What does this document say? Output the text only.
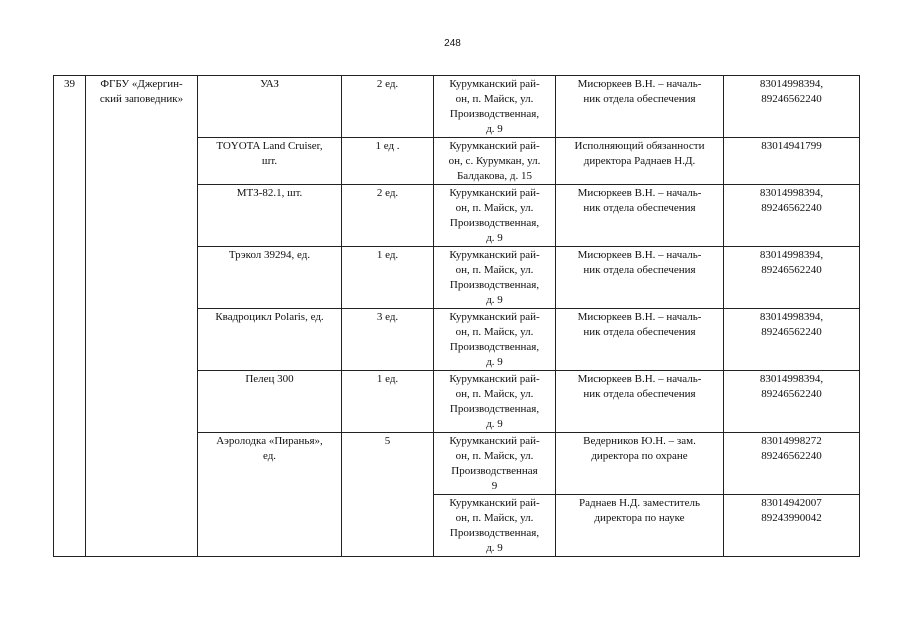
248
39	ФГБУ «Джергин-
ский заповедник»	УАЗ	2 ед.	Курумканский рай-
он, п. Майск, ул.
Производственная,
д. 9	Мисюркеев В.Н. – началь-
ник отдела обеспечения	83014998394,
89246562240
		TOYOTA Land Cruiser,
шт.	1 ед .	Курумканский рай-
он, с. Курумкан, ул.
Балдакова, д. 15	Исполняющий обязанности
директора Раднаев Н.Д.	83014941799
		МТЗ-82.1, шт.	2 ед.	Курумканский рай-
он, п. Майск, ул.
Производственная,
д. 9	Мисюркеев В.Н. – началь-
ник отдела обеспечения	83014998394,
89246562240
		Трэкол 39294, ед.	1 ед.	Курумканский рай-
он, п. Майск, ул.
Производственная,
д. 9	Мисюркеев В.Н. – началь-
ник отдела обеспечения	83014998394,
89246562240
		Квадроцикл Polaris, ед.	3 ед.	Курумканский рай-
он, п. Майск, ул.
Производственная,
д. 9	Мисюркеев В.Н. – началь-
ник отдела обеспечения	83014998394,
89246562240
		Пелец 300	1 ед.	Курумканский рай-
он, п. Майск, ул.
Производственная,
д. 9	Мисюркеев В.Н. – началь-
ник отдела обеспечения	83014998394,
89246562240
		Аэролодка «Пиранья»,
ед.	5	Курумканский рай-
он, п. Майск, ул.
Производственная
9	Ведерников Ю.Н. – зам.
директора по охране	83014998272
89246562240
				Курумканский рай-
он, п. Майск, ул.
Производственная,
д. 9	Раднаев Н.Д. заместитель
директора по науке	83014942007
89243990042
